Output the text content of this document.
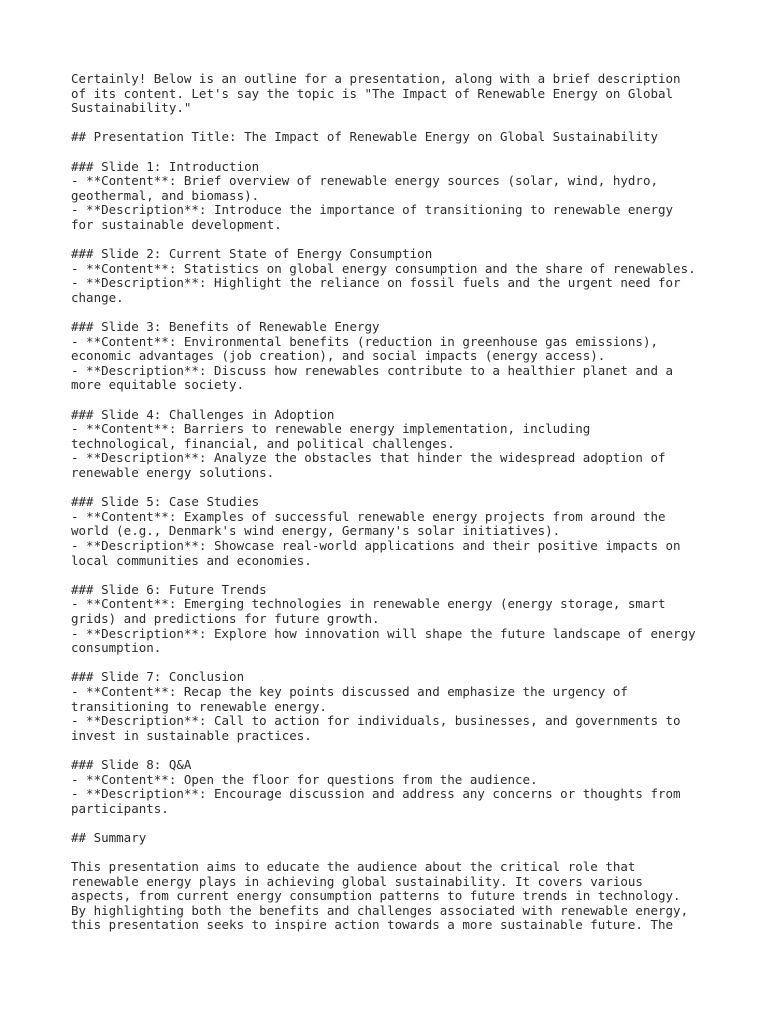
Certainly! Below is an outline for a presentation, along with a brief description
of its content. Let's say the topic is "The Impact of Renewable Energy on Global
Sustainability."
## Presentation Title: The Impact of Renewable Energy on Global Sustainability
### Slide 1: Introduction
- **Content**: Brief overview of renewable energy sources (solar, wind, hydro,
geothermal, and biomass).
- **Description**: Introduce the importance of transitioning to renewable energy
for sustainable development.
### Slide 2: Current State of Energy Consumption
- **Content**: Statistics on global energy consumption and the share of renewables.
- **Description**: Highlight the reliance on fossil fuels and the urgent need for
change.
### Slide 3: Benefits of Renewable Energy
- **Content**: Environmental benefits (reduction in greenhouse gas emissions),
economic advantages (job creation), and social impacts (energy access).
- **Description**: Discuss how renewables contribute to a healthier planet and a
more equitable society.
### Slide 4: Challenges in Adoption
- **Content**: Barriers to renewable energy implementation, including
technological, financial, and political challenges.
- **Description**: Analyze the obstacles that hinder the widespread adoption of
renewable energy solutions.
### Slide 5: Case Studies
- **Content**: Examples of successful renewable energy projects from around the
world (e.g., Denmark's wind energy, Germany's solar initiatives).
- **Description**: Showcase real-world applications and their positive impacts on
local communities and economies.
### Slide 6: Future Trends
- **Content**: Emerging technologies in renewable energy (energy storage, smart
grids) and predictions for future growth.
- **Description**: Explore how innovation will shape the future landscape of energy
consumption.
### Slide 7: Conclusion
- **Content**: Recap the key points discussed and emphasize the urgency of
transitioning to renewable energy.
- **Description**: Call to action for individuals, businesses, and governments to
invest in sustainable practices.
### Slide 8: Q&A
- **Content**: Open the floor for questions from the audience.
- **Description**: Encourage discussion and address any concerns or thoughts from
participants.
## Summary
This presentation aims to educate the audience about the critical role that
renewable energy plays in achieving global sustainability. It covers various
aspects, from current energy consumption patterns to future trends in technology.
By highlighting both the benefits and challenges associated with renewable energy,
this presentation seeks to inspire action towards a more sustainable future. The
